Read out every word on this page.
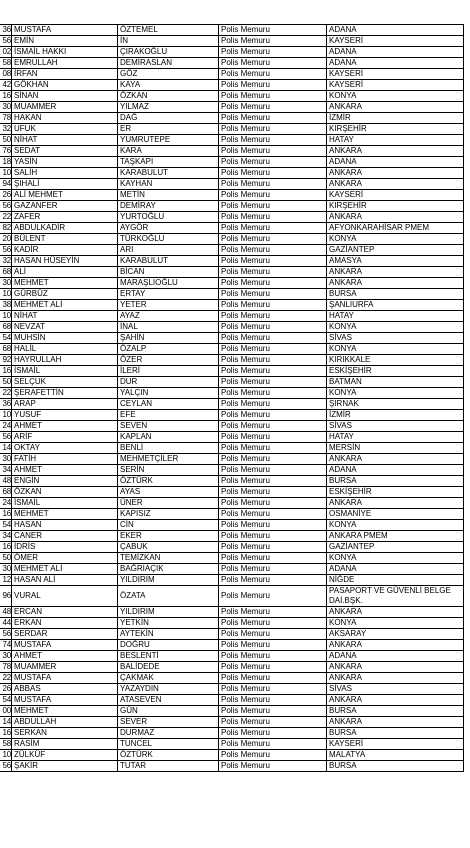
36	MUSTAFA	ÖZTEMEL	Polis Memuru	ADANA
56	EMİN	İN	Polis Memuru	KAYSERİ
02	İSMAİL HAKKI	ÇIRAKOĞLU	Polis Memuru	ADANA
58	EMRULLAH	DEMİRASLAN	Polis Memuru	ADANA
08	İRFAN	GÖZ	Polis Memuru	KAYSERİ
42	GÖKHAN	KAYA	Polis Memuru	KAYSERİ
16	SİNAN	ÖZKAN	Polis Memuru	KONYA
30	MUAMMER	YILMAZ	Polis Memuru	ANKARA
78	HAKAN	DAĞ	Polis Memuru	İZMİR
32	UFUK	ER	Polis Memuru	KIRŞEHİR
50	NİHAT	YUMRUTEPE	Polis Memuru	HATAY
76	SEDAT	KARA	Polis Memuru	ANKARA
18	YASİN	TAŞKAPI	Polis Memuru	ADANA
10	SALİH	KARABULUT	Polis Memuru	ANKARA
94	ŞIHALİ	KAYHAN	Polis Memuru	ANKARA
26	ALİ MEHMET	METİN	Polis Memuru	KAYSERİ
56	GAZANFER	DEMİRAY	Polis Memuru	KIRŞEHİR
22	ZAFER	YURTOĞLU	Polis Memuru	ANKARA
82	ABDULKADİR	AYGÖR	Polis Memuru	AFYONKARAHİSAR PMEM
20	BÜLENT	TÜRKOĞLU	Polis Memuru	KONYA
56	KADİR	ARI	Polis Memuru	GAZİANTEP
32	HASAN HÜSEYİN	KARABULUT	Polis Memuru	AMASYA
68	ALİ	BİCAN	Polis Memuru	ANKARA
30	MEHMET	MARAŞLIOĞLU	Polis Memuru	ANKARA
10	GÜRBÜZ	ERTAY	Polis Memuru	BURSA
38	MEHMET ALİ	YETER	Polis Memuru	ŞANLIURFA
10	NİHAT	AYAZ	Polis Memuru	HATAY
68	NEVZAT	İNAL	Polis Memuru	KONYA
54	MUHSİN	ŞAHİN	Polis Memuru	SİVAS
68	HALİL	ÖZALP	Polis Memuru	KONYA
92	HAYRULLAH	ÖZER	Polis Memuru	KIRIKKALE
16	İSMAİL	İLERİ	Polis Memuru	ESKİŞEHİR
50	SELÇUK	DUR	Polis Memuru	BATMAN
22	ŞERAFETTİN	YALÇIN	Polis Memuru	KONYA
36	ARAP	CEYLAN	Polis Memuru	ŞIRNAK
10	YUSUF	EFE	Polis Memuru	İZMİR
24	AHMET	SEVEN	Polis Memuru	SİVAS
56	ARİF	KAPLAN	Polis Memuru	HATAY
14	OKTAY	BENLİ	Polis Memuru	MERSİN
30	FATİH	MEHMETÇİLER	Polis Memuru	ANKARA
34	AHMET	SERİN	Polis Memuru	ADANA
48	ENGİN	ÖZTÜRK	Polis Memuru	BURSA
68	ÖZKAN	AYAS	Polis Memuru	ESKİŞEHİR
24	İSMAİL	ÜNER	Polis Memuru	ANKARA
16	MEHMET	KAPISIZ	Polis Memuru	OSMANİYE
54	HASAN	CİN	Polis Memuru	KONYA
34	CANER	EKER	Polis Memuru	ANKARA PMEM
16	İDRİS	ÇABUK	Polis Memuru	GAZİANTEP
50	ÖMER	TEMİZKAN	Polis Memuru	KONYA
30	MEHMET ALİ	BAĞRIAÇIK	Polis Memuru	ADANA
12	HASAN ALİ	YILDIRIM	Polis Memuru	NİĞDE
96	VURAL	ÖZATA	Polis Memuru	PASAPORT VE GÜVENLİ BELGE DAİ.BŞK.
48	ERCAN	YILDIRIM	Polis Memuru	ANKARA
44	ERKAN	YETKİN	Polis Memuru	KONYA
56	SERDAR	AYTEKİN	Polis Memuru	AKSARAY
74	MUSTAFA	DOĞRU	Polis Memuru	ANKARA
30	AHMET	BESLENTİ	Polis Memuru	ADANA
78	MUAMMER	BALİDEDE	Polis Memuru	ANKARA
22	MUSTAFA	ÇAKMAK	Polis Memuru	ANKARA
26	ABBAS	YAZAYDIN	Polis Memuru	SİVAS
54	MUSTAFA	ATASEVEN	Polis Memuru	ANKARA
00	MEHMET	GÜN	Polis Memuru	BURSA
14	ABDULLAH	SEVER	Polis Memuru	ANKARA
16	SERKAN	DURMAZ	Polis Memuru	BURSA
58	RASİM	TUNCEL	Polis Memuru	KAYSERİ
10	ZÜLKÜF	ÖZTÜRK	Polis Memuru	MALATYA
56	ŞAKİR	TUTAR	Polis Memuru	BURSA
